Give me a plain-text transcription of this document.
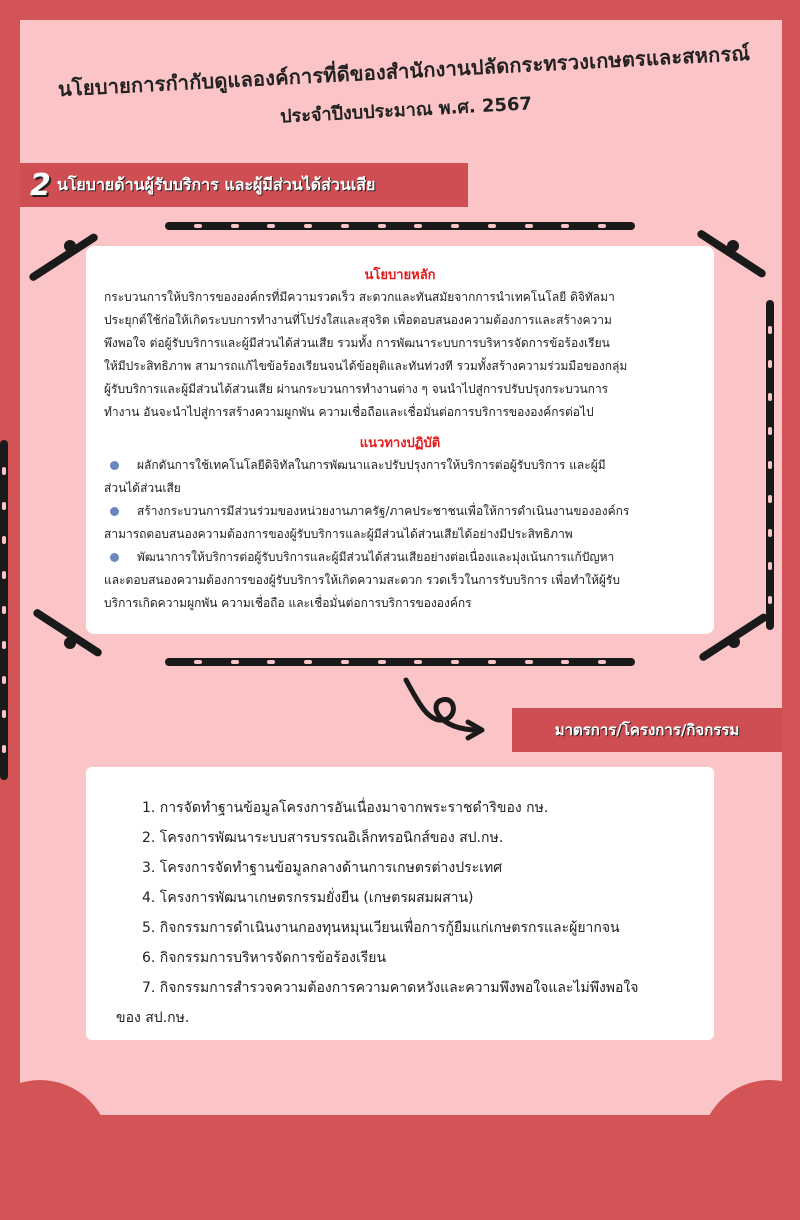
นโยบายการกำกับดูแลองค์การที่ดีของสำนักงานปลัดกระทรวงเกษตรและสหกรณ์
ประจำปีงบประมาณ พ.ศ. 2567
2 นโยบายด้านผู้รับบริการ และผู้มีส่วนได้ส่วนเสีย
นโยบายหลัก
กระบวนการให้บริการขององค์กรที่มีความรวดเร็ว สะดวกและทันสมัยจากการนำเทคโนโลยี ดิจิทัลมา
ประยุกต์ใช้ก่อให้เกิดระบบการทำงานที่โปร่งใสและสุจริต เพื่อตอบสนองความต้องการและสร้างความ
พึงพอใจ ต่อผู้รับบริการและผู้มีส่วนได้ส่วนเสีย รวมทั้ง การพัฒนาระบบการบริหารจัดการข้อร้องเรียน
ให้มีประสิทธิภาพ สามารถแก้ไขข้อร้องเรียนจนได้ข้อยุติและทันท่วงที รวมทั้งสร้างความร่วมมือของกลุ่ม
ผู้รับบริการและผู้มีส่วนได้ส่วนเสีย ผ่านกระบวนการทำงานต่าง ๆ จนนำไปสู่การปรับปรุงกระบวนการ
ทำงาน อันจะนำไปสู่การสร้างความผูกพัน ความเชื่อถือและเชื่อมั่นต่อการบริการขององค์กรต่อไป
แนวทางปฏิบัติ
ผลักดันการใช้เทคโนโลยีดิจิทัลในการพัฒนาและปรับปรุงการให้บริการต่อผู้รับบริการ และผู้มี
ส่วนได้ส่วนเสีย
สร้างกระบวนการมีส่วนร่วมของหน่วยงานภาครัฐ/ภาคประชาชนเพื่อให้การดำเนินงานขององค์กร
สามารถตอบสนองความต้องการของผู้รับบริการและผู้มีส่วนได้ส่วนเสียได้อย่างมีประสิทธิภาพ
พัฒนาการให้บริการต่อผู้รับบริการและผู้มีส่วนได้ส่วนเสียอย่างต่อเนื่องและมุ่งเน้นการแก้ปัญหา
และตอบสนองความต้องการของผู้รับบริการให้เกิดความสะดวก รวดเร็วในการรับบริการ เพื่อทำให้ผู้รับ
บริการเกิดความผูกพัน ความเชื่อถือ และเชื่อมั่นต่อการบริการขององค์กร
มาตรการ/โครงการ/กิจกรรม
1. การจัดทำฐานข้อมูลโครงการอันเนื่องมาจากพระราชดำริของ กษ.
2. โครงการพัฒนาระบบสารบรรณอิเล็กทรอนิกส์ของ สป.กษ.
3. โครงการจัดทำฐานข้อมูลกลางด้านการเกษตรต่างประเทศ
4. โครงการพัฒนาเกษตรกรรมยั่งยืน (เกษตรผสมผสาน)
5. กิจกรรมการดำเนินงานกองทุนหมุนเวียนเพื่อการกู้ยืมแก่เกษตรกรและผู้ยากจน
6. กิจกรรมการบริหารจัดการข้อร้องเรียน
7. กิจกรรมการสำรวจความต้องการความคาดหวังและความพึงพอใจและไม่พึงพอใจ
ของ สป.กษ.
